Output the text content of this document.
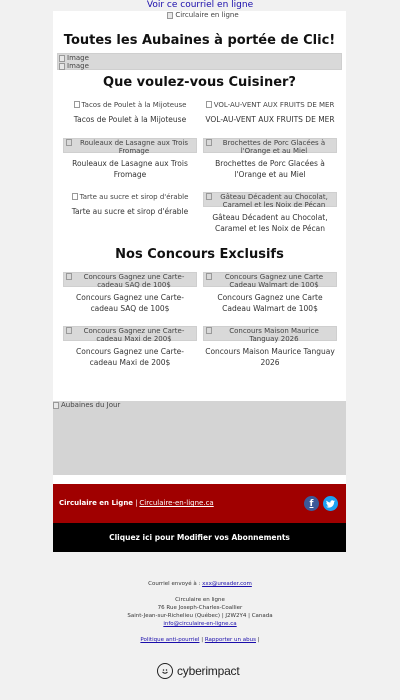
Voir ce courriel en ligne
Circulaire en ligne
Toutes les Aubaines à portée de Clic!
Image
Image
Que voulez-vous Cuisiner?
Tacos de Poulet à la Mijoteuse
Tacos de Poulet à la Mijoteuse
VOL-AU-VENT AUX FRUITS DE MER
VOL-AU-VENT AUX FRUITS DE MER
Rouleaux de Lasagne aux Trois Fromage
Rouleaux de Lasagne aux Trois Fromage
Brochettes de Porc Glacées à l'Orange et au Miel
Brochettes de Porc Glacées à l'Orange et au Miel
Tarte au sucre et sirop d'érable
Tarte au sucre et sirop d'érable
Gâteau Décadent au Chocolat, Caramel et les Noix de Pécan
Gâteau Décadent au Chocolat, Caramel et les Noix de Pécan
Nos Concours Exclusifs
Concours Gagnez une Carte-cadeau SAQ de 100$
Concours Gagnez une Carte-cadeau SAQ de 100$
Concours Gagnez une Carte Cadeau Walmart de 100$
Concours Gagnez une Carte Cadeau Walmart de 100$
Concours Gagnez une Carte-cadeau Maxi de 200$
Concours Gagnez une Carte-cadeau Maxi de 200$
Concours Maison Maurice Tanguay 2026
Concours Maison Maurice Tanguay 2026
Aubaines du Jour
Circulaire en Ligne | Circulaire-en-ligne.ca	f
Cliquez ici pour Modifier vos Abonnements
Courriel envoyé à : xxx@ureader.com
Circulaire en ligne
76 Rue Joseph-Charles-Coallier
Saint-Jean-sur-Richelieu (Québec) | J2W2Y4 | Canada
info@circulaire-en-ligne.ca
Politique anti-pourriel | Rapporter un abus |
cyberimpact
